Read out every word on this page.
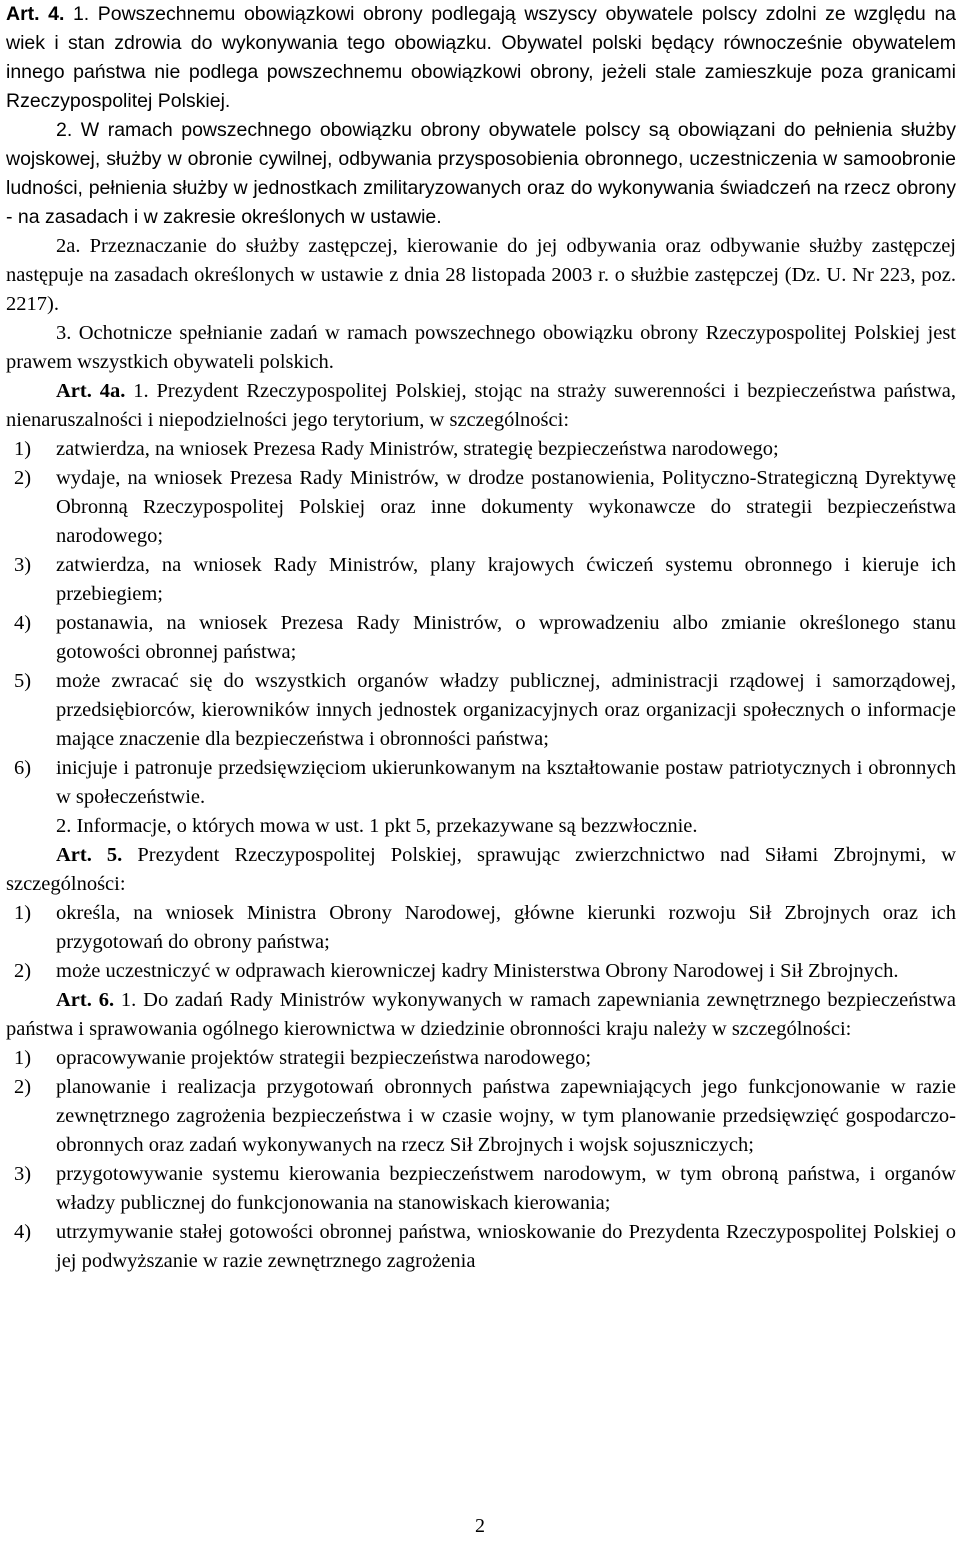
Art. 4. 1. Powszechnemu obowiązkowi obrony podlegają wszyscy obywatele polscy zdolni ze względu na wiek i stan zdrowia do wykonywania tego obowiązku. Obywatel polski będący równocześnie obywatelem innego państwa nie podlega powszechnemu obowiązkowi obrony, jeżeli stale zamieszkuje poza granicami Rzeczypospolitej Polskiej.

2. W ramach powszechnego obowiązku obrony obywatele polscy są obowiązani do pełnienia służby wojskowej, służby w obronie cywilnej, odbywania przysposobienia obronnego, uczestniczenia w samoobronie ludności, pełnienia służby w jednostkach zmilitaryzowanych oraz do wykonywania świadczeń na rzecz obrony - na zasadach i w zakresie określonych w ustawie.

2a. Przeznaczanie do służby zastępczej, kierowanie do jej odbywania oraz odbywanie służby zastępczej następuje na zasadach określonych w ustawie z dnia 28 listopada 2003 r. o służbie zastępczej (Dz. U. Nr 223, poz. 2217).

3. Ochotnicze spełnianie zadań w ramach powszechnego obowiązku obrony Rzeczypospolitej Polskiej jest prawem wszystkich obywateli polskich.

Art. 4a. 1. Prezydent Rzeczypospolitej Polskiej, stojąc na straży suwerenności i bezpieczeństwa państwa, nienaruszalności i niepodzielności jego terytorium, w szczególności:

1)	zatwierdza, na wniosek Prezesa Rady Ministrów, strategię bezpieczeństwa narodowego;
2)	wydaje, na wniosek Prezesa Rady Ministrów, w drodze postanowienia, Polityczno-Strategiczną Dyrektywę Obronną Rzeczypospolitej Polskiej oraz inne dokumenty wykonawcze do strategii bezpieczeństwa narodowego;
3)	zatwierdza, na wniosek Rady Ministrów, plany krajowych ćwiczeń systemu obronnego i kieruje ich przebiegiem;
4)	postanawia, na wniosek Prezesa Rady Ministrów, o wprowadzeniu albo zmianie określonego stanu gotowości obronnej państwa;
5)	może zwracać się do wszystkich organów władzy publicznej, administracji rządowej i samorządowej, przedsiębiorców, kierowników innych jednostek organizacyjnych oraz organizacji społecznych o informacje mające znaczenie dla bezpieczeństwa i obronności państwa;
6)	inicjuje i patronuje przedsięwzięciom ukierunkowanym na kształtowanie postaw patriotycznych i obronnych w społeczeństwie.

2. Informacje, o których mowa w ust. 1 pkt 5, przekazywane są bezzwłocznie.

Art. 5. Prezydent Rzeczypospolitej Polskiej, sprawując zwierzchnictwo nad Siłami Zbrojnymi, w szczególności:

1)	określa, na wniosek Ministra Obrony Narodowej, główne kierunki rozwoju Sił Zbrojnych oraz ich przygotowań do obrony państwa;
2)	może uczestniczyć w odprawach kierowniczej kadry Ministerstwa Obrony Narodowej i Sił Zbrojnych.

Art. 6. 1. Do zadań Rady Ministrów wykonywanych w ramach zapewniania zewnętrznego bezpieczeństwa państwa i sprawowania ogólnego kierownictwa w dziedzinie obronności kraju należy w szczególności:

1)	opracowywanie projektów strategii bezpieczeństwa narodowego;
2)	planowanie i realizacja przygotowań obronnych państwa zapewniających jego funkcjonowanie w razie zewnętrznego zagrożenia bezpieczeństwa i w czasie wojny, w tym planowanie przedsięwzięć gospodarczo-obronnych oraz zadań wykonywanych na rzecz Sił Zbrojnych i wojsk sojuszniczych;
3)	przygotowywanie systemu kierowania bezpieczeństwem narodowym, w tym obroną państwa, i organów władzy publicznej do funkcjonowania na stanowiskach kierowania;
4)	utrzymywanie stałej gotowości obronnej państwa, wnioskowanie do Prezydenta Rzeczypospolitej Polskiej o jej podwyższanie w razie zewnętrznego zagrożenia
2
